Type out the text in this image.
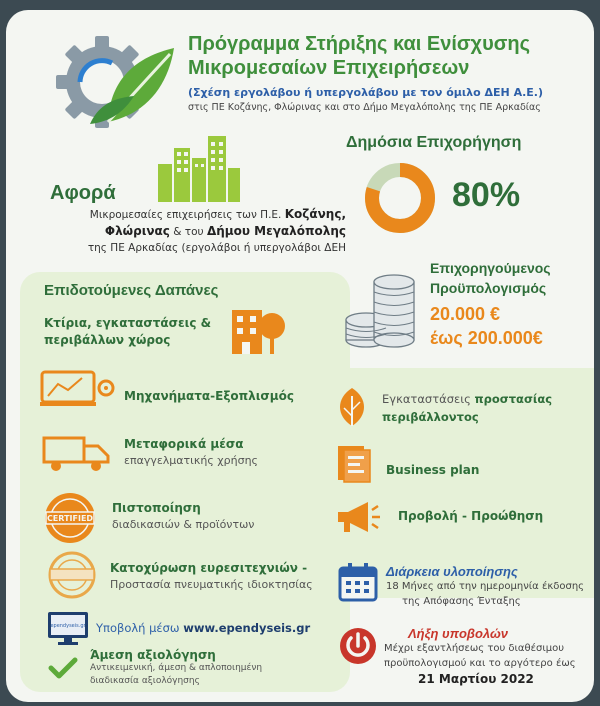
Πρόγραμμα Στήριξης και Ενίσχυσης
Μικρομεσαίων Επιχειρήσεων
(Σχέση εργολάβου ή υπεργολάβου με τον όμιλο ΔΕΗ Α.Ε.)
στις ΠΕ Κοζάνης, Φλώρινας και στο Δήμο Μεγαλόπολης της ΠΕ Αρκαδίας
Αφορά
Μικρομεσαίες επιχειρήσεις των Π.Ε. Κοζάνης,
Φλώρινας & του Δήμου Μεγαλόπολης
της ΠΕ Αρκαδίας (εργολάβοι ή υπεργολάβοι ΔΕΗ
Δημόσια Επιχορήγηση
80%
Επιδοτούμενες Δαπάνες
Επιχορηγούμενος
Προϋπολογισμός
20.000 €
έως 200.000€
Κτίρια, εγκαταστάσεις &
περιβάλλων χώρος
Μηχανήματα-Εξοπλισμός
Μεταφορικά μέσα
επαγγελματικής χρήσης
CERTIFIED
Πιστοποίηση
διαδικασιών & προϊόντων
Κατοχύρωση ευρεσιτεχνιών -
Προστασία πνευματικής ιδιοκτησίας
Εγκαταστάσεις προστασίας
περιβάλλοντος
Business plan
Προβολή - Προώθηση
Διάρκεια υλοποίησης
18 Μήνες από την ημερομηνία έκδοσης
της Απόφασης Ένταξης
ependyseis.gr Υποβολή μέσω www.ependyseis.gr
Άμεση αξιολόγηση
Αντικειμενική, άμεση & απλοποιημένη
διαδικασία αξιολόγησης
Λήξη υποβολών
Μέχρι εξαντλήσεως του διαθέσιμου
προϋπολογισμού και το αργότερο έως
21 Μαρτίου 2022
